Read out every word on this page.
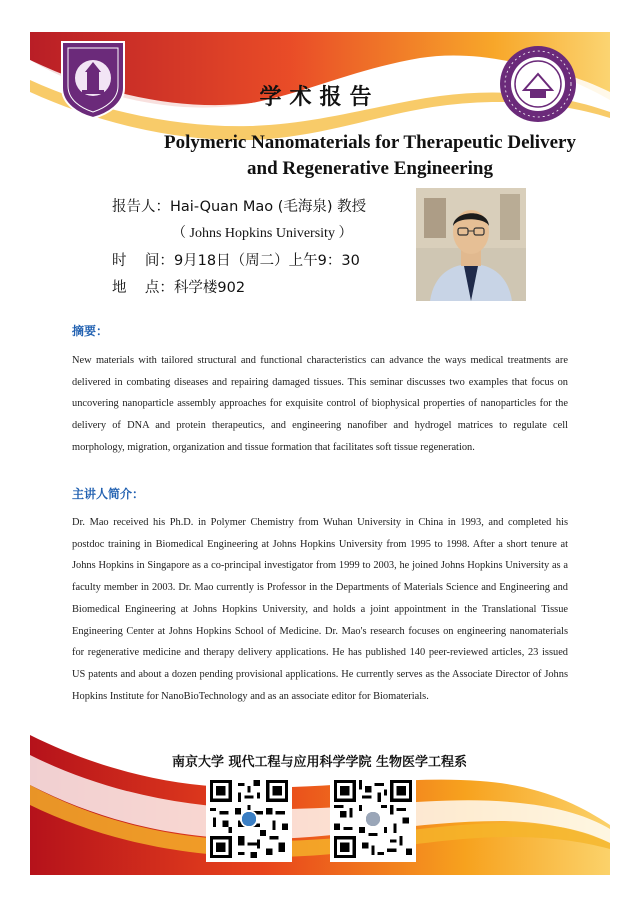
学术报告
Polymeric Nanomaterials for Therapeutic Delivery
and Regenerative Engineering
报告人：Hai-Quan Mao (毛海泉) 教授
（ Johns Hopkins University ）
时    间：9月18日（周二）上午9：30
地    点：科学楼902
摘要：
New materials with tailored structural and functional characteristics can advance the ways medical treatments are delivered in combating diseases and repairing damaged tissues. This seminar discusses two examples that focus on uncovering nanoparticle assembly approaches for exquisite control of biophysical properties of nanoparticles for the delivery of DNA and protein therapeutics, and engineering nanofiber and hydrogel matrices to regulate cell morphology, migration, organization and tissue formation that facilitates soft tissue regeneration.
主讲人简介：
Dr. Mao received his Ph.D. in Polymer Chemistry from Wuhan University in China in 1993, and completed his postdoc training in Biomedical Engineering at Johns Hopkins University from 1995 to 1998. After a short tenure at Johns Hopkins in Singapore as a co-principal investigator from 1999 to 2003, he joined Johns Hopkins University as a faculty member in 2003. Dr. Mao currently is Professor in the Departments of Materials Science and Engineering and Biomedical Engineering at Johns Hopkins University, and holds a joint appointment in the Translational Tissue Engineering Center at Johns Hopkins School of Medicine. Dr. Mao's research focuses on engineering nanomaterials for regenerative medicine and therapy delivery applications. He has published 140 peer-reviewed articles, 23 issued US patents and about a dozen pending provisional applications. He currently serves as the Associate Director of Johns Hopkins Institute for NanoBioTechnology and as an associate editor for Biomaterials.
南京大学 现代工程与应用科学学院 生物医学工程系
